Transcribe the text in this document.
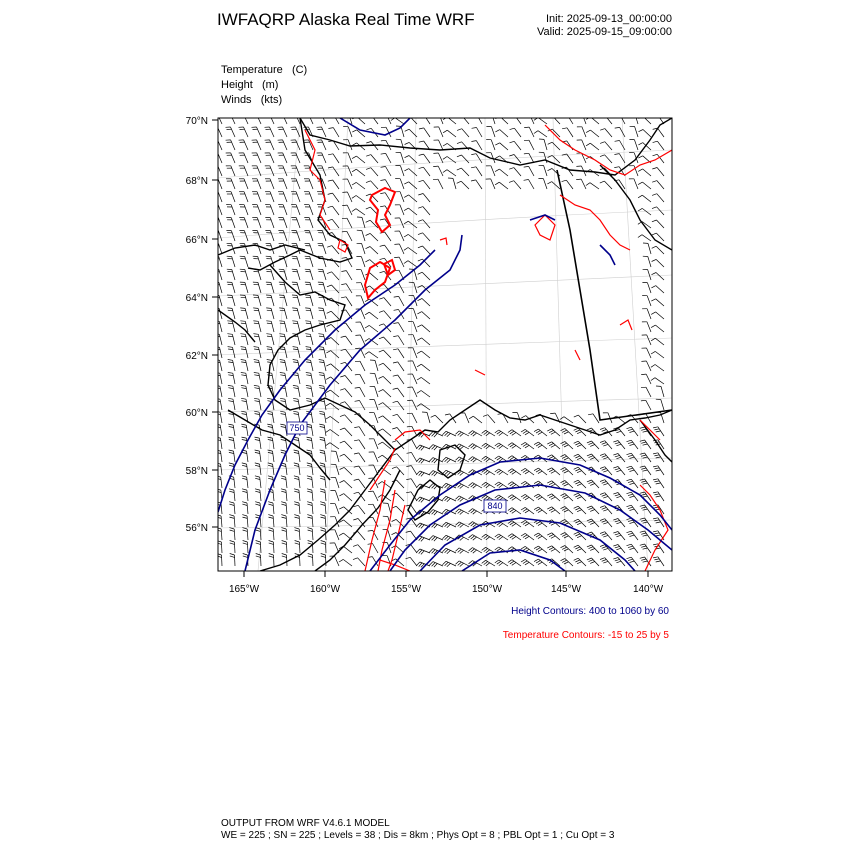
750
840
70°N
68°N
66°N
64°N
62°N
60°N
58°N
56°N
165°W	160°W	155°W	150°W	145°W	140°W
IWFAQRP Alaska Real Time WRF	Init: 2025-09-13_00:00:00
Valid: 2025-09-15_09:00:00
Temperature (C)
Height (m)
Winds (kts)
Height Contours: 400 to 1060 by 60
Temperature Contours: -15 to 25 by 5
OUTPUT FROM WRF V4.6.1 MODEL
WE = 225 ; SN = 225 ; Levels = 38 ; Dis = 8km ; Phys Opt = 8 ; PBL Opt = 1 ; Cu Opt = 3
